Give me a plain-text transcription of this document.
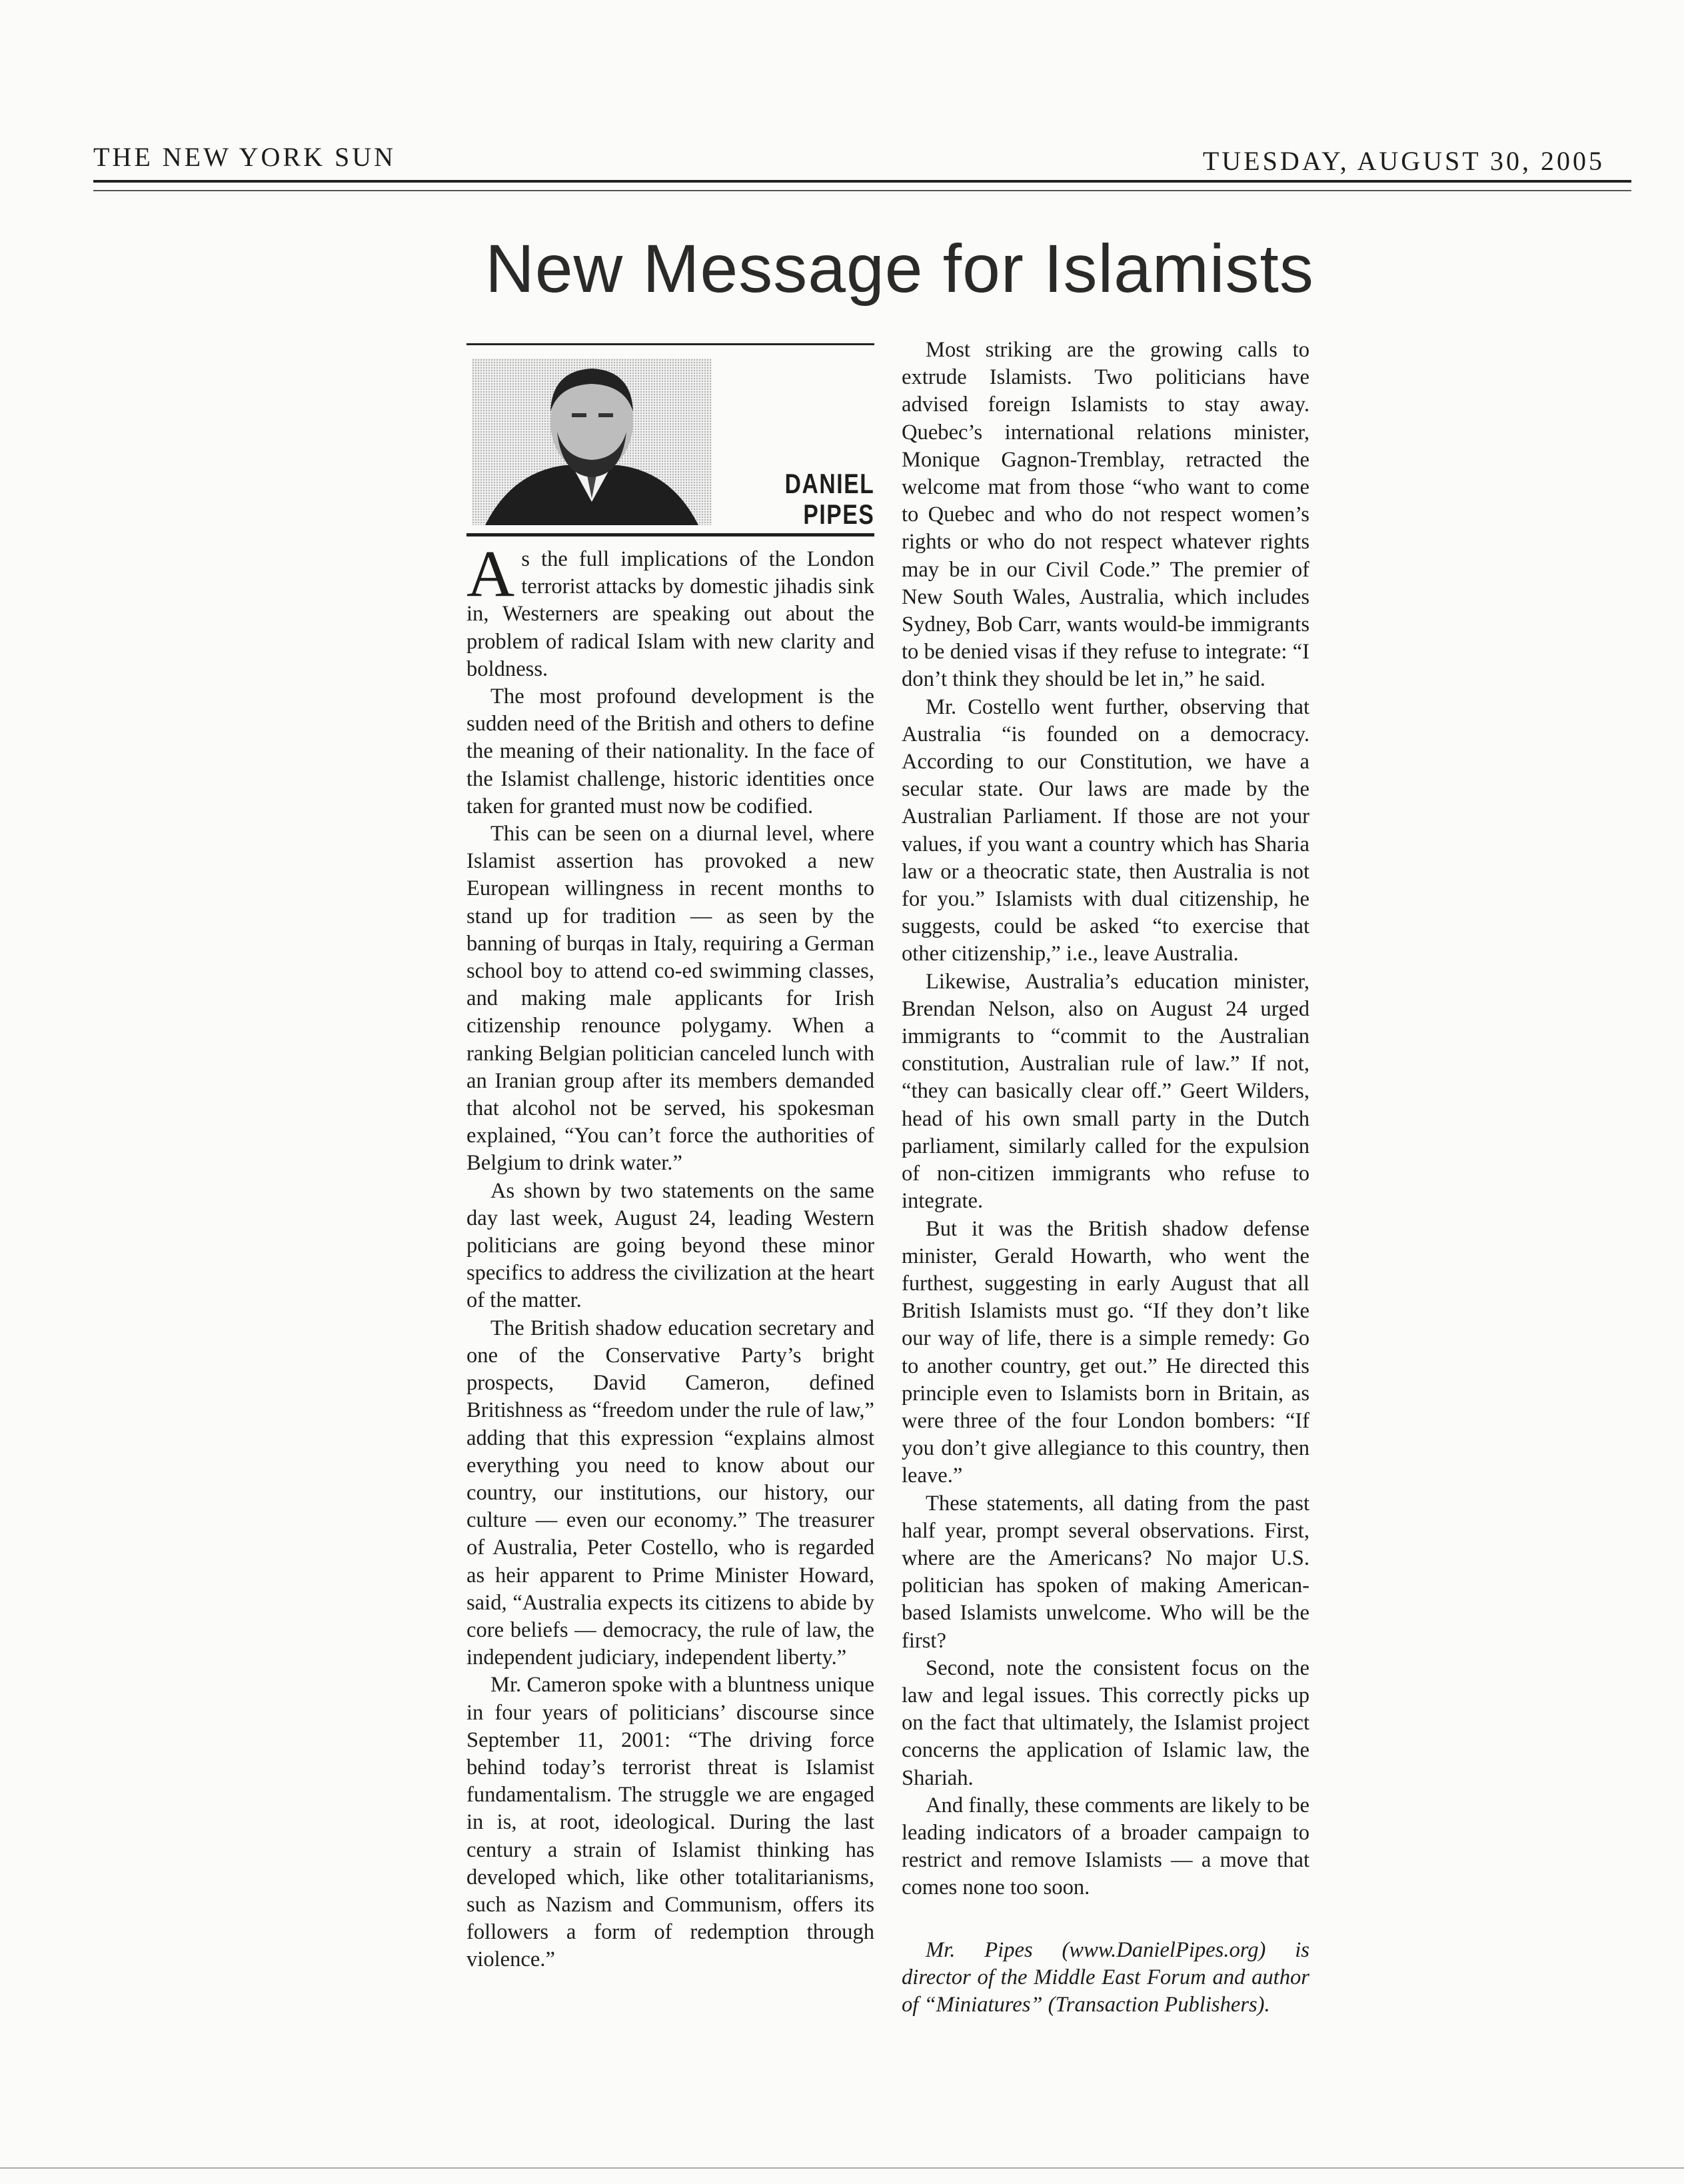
THE NEW YORK SUN	TUESDAY, AUGUST 30, 2005
New Message for Islamists
DANIEL
PIPES

As the full implications of the London terrorist attacks by domestic jihadis sink in, Westerners are speaking out about the problem of radical Islam with new clarity and boldness.

The most profound development is the sudden need of the British and others to define the meaning of their nationality. In the face of the Islamist challenge, historic identities once taken for granted must now be codified.

This can be seen on a diurnal level, where Islamist assertion has provoked a new European willingness in recent months to stand up for tradition — as seen by the banning of burqas in Italy, requiring a German school boy to attend co-ed swimming classes, and making male applicants for Irish citizenship renounce polygamy. When a ranking Belgian politician canceled lunch with an Iranian group after its members demanded that alcohol not be served, his spokesman explained, “You can’t force the authorities of Belgium to drink water.”

As shown by two statements on the same day last week, August 24, leading Western politicians are going beyond these minor specifics to address the civilization at the heart of the matter.

The British shadow education secretary and one of the Conservative Party’s bright prospects, David Cameron, defined Britishness as “freedom under the rule of law,” adding that this expression “explains almost everything you need to know about our country, our institutions, our history, our culture — even our economy.” The treasurer of Australia, Peter Costello, who is regarded as heir apparent to Prime Minister Howard, said, “Australia expects its citizens to abide by core beliefs — democracy, the rule of law, the independent judiciary, independent liberty.”

Mr. Cameron spoke with a bluntness unique in four years of politicians’ discourse since September 11, 2001: “The driving force behind today’s terrorist threat is Islamist fundamentalism. The struggle we are engaged in is, at root, ideological. During the last century a strain of Islamist thinking has developed which, like other totalitarianisms, such as Nazism and Communism, offers its followers a form of redemption through violence.”

Most striking are the growing calls to extrude Islamists. Two politicians have advised foreign Islamists to stay away. Quebec’s international relations minister, Monique Gagnon-Tremblay, retracted the welcome mat from those “who want to come to Quebec and who do not respect women’s rights or who do not respect whatever rights may be in our Civil Code.” The premier of New South Wales, Australia, which includes Sydney, Bob Carr, wants would-be immigrants to be denied visas if they refuse to integrate: “I don’t think they should be let in,” he said.

Mr. Costello went further, observing that Australia “is founded on a democracy. According to our Constitution, we have a secular state. Our laws are made by the Australian Parliament. If those are not your values, if you want a country which has Sharia law or a theocratic state, then Australia is not for you.” Islamists with dual citizenship, he suggests, could be asked “to exercise that other citizenship,” i.e., leave Australia.

Likewise, Australia’s education minister, Brendan Nelson, also on August 24 urged immigrants to “commit to the Australian constitution, Australian rule of law.” If not, “they can basically clear off.” Geert Wilders, head of his own small party in the Dutch parliament, similarly called for the expulsion of non-citizen immigrants who refuse to integrate.

But it was the British shadow defense minister, Gerald Howarth, who went the furthest, suggesting in early August that all British Islamists must go. “If they don’t like our way of life, there is a simple remedy: Go to another country, get out.” He directed this principle even to Islamists born in Britain, as were three of the four London bombers: “If you don’t give allegiance to this country, then leave.”

These statements, all dating from the past half year, prompt several observations. First, where are the Americans? No major U.S. politician has spoken of making American-based Islamists unwelcome. Who will be the first?

Second, note the consistent focus on the law and legal issues. This correctly picks up on the fact that ultimately, the Islamist project concerns the application of Islamic law, the Shariah.

And finally, these comments are likely to be leading indicators of a broader campaign to restrict and remove Islamists — a move that comes none too soon.

Mr. Pipes (www.DanielPipes.org) is director of the Middle East Forum and author of “Miniatures” (Transaction Publishers).
